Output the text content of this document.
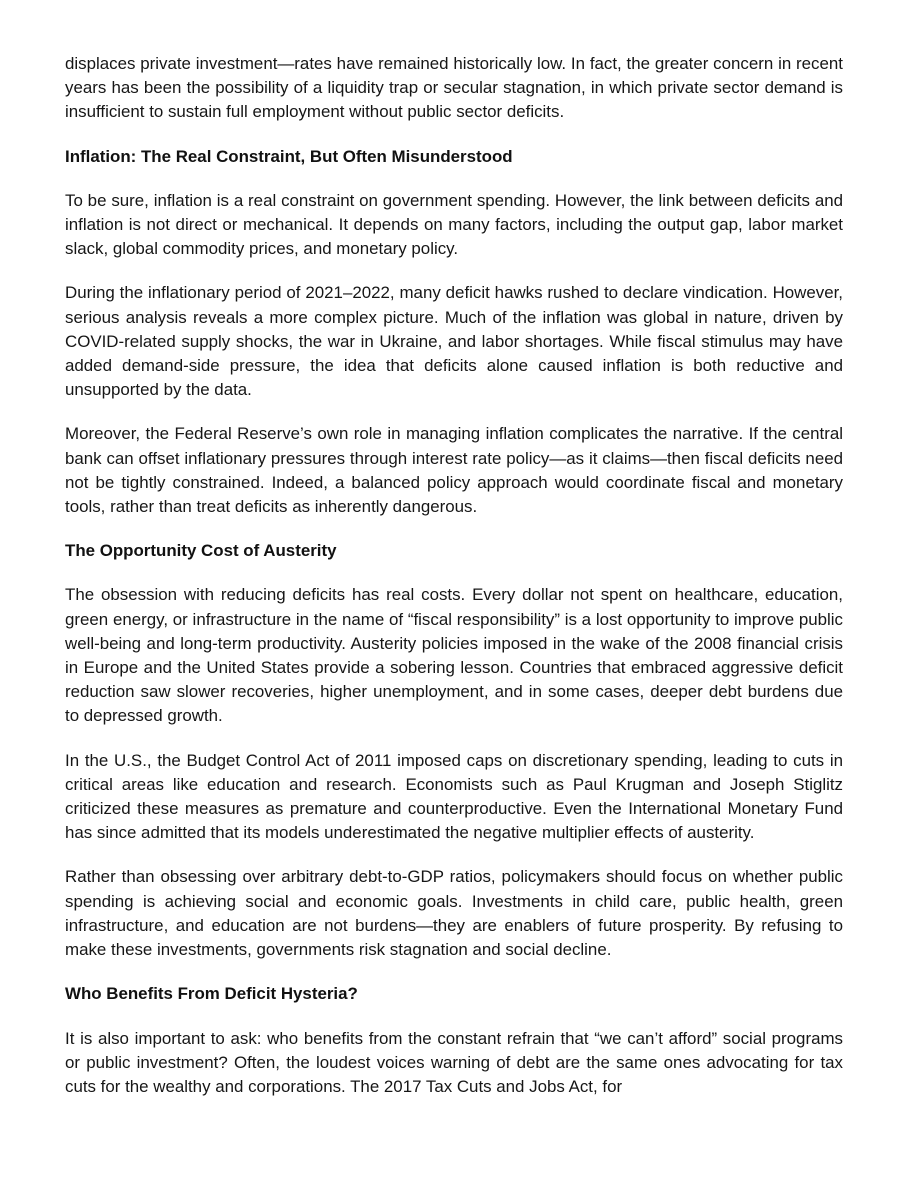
displaces private investment—rates have remained historically low. In fact, the greater concern in recent years has been the possibility of a liquidity trap or secular stagnation, in which private sector demand is insufficient to sustain full employment without public sector deficits.

Inflation: The Real Constraint, But Often Misunderstood

To be sure, inflation is a real constraint on government spending. However, the link between deficits and inflation is not direct or mechanical. It depends on many factors, including the output gap, labor market slack, global commodity prices, and monetary policy.

During the inflationary period of 2021–2022, many deficit hawks rushed to declare vindication. However, serious analysis reveals a more complex picture. Much of the inflation was global in nature, driven by COVID-related supply shocks, the war in Ukraine, and labor shortages. While fiscal stimulus may have added demand-side pressure, the idea that deficits alone caused inflation is both reductive and unsupported by the data.

Moreover, the Federal Reserve’s own role in managing inflation complicates the narrative. If the central bank can offset inflationary pressures through interest rate policy—as it claims—then fiscal deficits need not be tightly constrained. Indeed, a balanced policy approach would coordinate fiscal and monetary tools, rather than treat deficits as inherently dangerous.

The Opportunity Cost of Austerity

The obsession with reducing deficits has real costs. Every dollar not spent on healthcare, education, green energy, or infrastructure in the name of “fiscal responsibility” is a lost opportunity to improve public well-being and long-term productivity. Austerity policies imposed in the wake of the 2008 financial crisis in Europe and the United States provide a sobering lesson. Countries that embraced aggressive deficit reduction saw slower recoveries, higher unemployment, and in some cases, deeper debt burdens due to depressed growth.

In the U.S., the Budget Control Act of 2011 imposed caps on discretionary spending, leading to cuts in critical areas like education and research. Economists such as Paul Krugman and Joseph Stiglitz criticized these measures as premature and counterproductive. Even the International Monetary Fund has since admitted that its models underestimated the negative multiplier effects of austerity.

Rather than obsessing over arbitrary debt-to-GDP ratios, policymakers should focus on whether public spending is achieving social and economic goals. Investments in child care, public health, green infrastructure, and education are not burdens—they are enablers of future prosperity. By refusing to make these investments, governments risk stagnation and social decline.

Who Benefits From Deficit Hysteria?

It is also important to ask: who benefits from the constant refrain that “we can’t afford” social programs or public investment? Often, the loudest voices warning of debt are the same ones advocating for tax cuts for the wealthy and corporations. The 2017 Tax Cuts and Jobs Act, for
